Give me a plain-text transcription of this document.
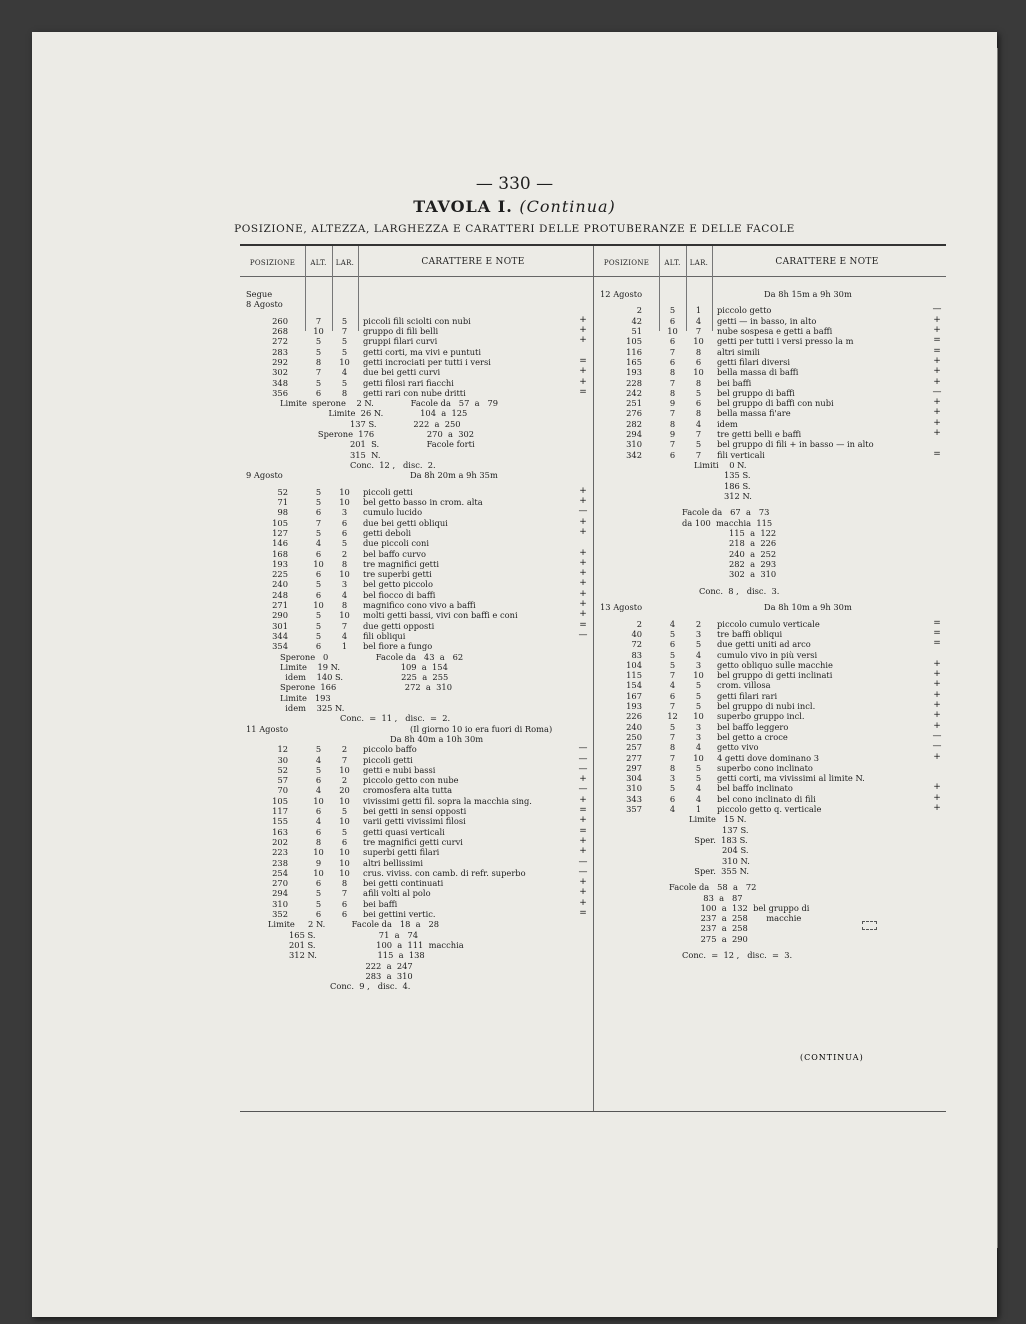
— 330 —
TAVOLA I. (Continua)
POSIZIONE, ALTEZZA, LARGHEZZA E CARATTERI DELLE PROTUBERANZE E DELLE FACOLE
POSIZIONE	ALT.	LAR.	CARATTERE E NOTE
Segue
8 Agosto
260	7	5	piccoli fili sciolti con nubi	+
268	10	7	gruppo di fili belli	+
272	5	5	gruppi filari curvi	+
283	5	5	getti corti, ma vivi e puntuti
292	8	10 getti incrociati per tutti i versi	=
302	7	4	due bei getti curvi	+
348	5	5	getti filosi rari fiacchi	+
356	6	8	getti rari con nube dritti	=
Limite  sperone    2 N.              Facole da   57  a   79
Limite  26 N.              104  a  125
137 S.              222  a  250
Sperone  176                    270  a  302
201  S.                  Facole forti
315  N.
Conc.  12 ,   disc.  2.
9 Agosto	Da 8h 20m a 9h 35m
52	5	10 piccoli getti	+
71	5	10 bel getto basso in crom. alta	+
98	6	3	cumulo lucido	—
105	7	6	due bei getti obliqui	+
127	5	6	getti deboli	+
146	4	5	due piccoli coni
168	6	2	bel baffo curvo	+
193	10	8	tre magnifici getti	+
225	6	10 tre superbi getti	+
240	5	3	bel getto piccolo	+
248	6	4	bel fiocco di baffi	+
271	10	8	magnifico cono vivo a baffi	+
290	5	10 molti getti bassi, vivi con baffi e coni	+
301	5	7	due getti opposti	=
344	5	4	fili obliqui	—
354	6	1	bel fiore a fungo
Sperone   0                  Facole da   43  a   62
Limite    19 N.                       109  a  154
idem    140 S.                      225  a  255
Sperone  166                          272  a  310
Limite   193
idem    325 N.
Conc.  =  11 ,   disc.  =  2.
11 Agosto	(Il giorno 10 io era fuori di Roma)
Da 8h 40m a 10h 30m
12	5	2	piccolo baffo	—
30	4	7	piccoli getti	—
52	5	10 getti e nubi bassi	—
57	6	2	piccolo getto con nube	+
70	4	20 cromosfera alta tutta	—
105	10 10 vivissimi getti fil. sopra la macchia sing.	+
117	6	5	bei getti in sensi opposti	=
155	4	10 varii getti vivissimi filosi	+
163	6	5	getti quasi verticali	=
202	8	6	tre magnifici getti curvi	+
223	10 10 superbi getti filari	+
238	9	10 altri bellissimi	—
254	10 10 crus. viviss. con camb. di refr. superbo	—
270	6	8	bei getti continuati	+
294	5	7	afili volti al polo	+
310	5	6	bei baffi	+
352	6	6	bei gettini vertic.	=
Limite     2 N.          Facole da   18  a   28
165 S.                        71  a   74
201 S.                       100  a  111  macchia
312 N.                       115  a  138
222  a  247
283  a  310
Conc.  9 ,   disc.  4.
POSIZIONE	ALT.	LAR.	CARATTERE E NOTE
12 Agosto	Da 8h 15m a 9h 30m
2	5	1	piccolo getto	—
42	6	4	getti — in basso, in alto	+
51	10	7	nube sospesa e getti a baffi	+
105	6	10 getti per tutti i versi presso la m	=
116	7	8	altri simili	=
165	6	6	getti filari diversi	+
193	8	10 bella massa di baffi	+
228	7	8	bei baffi	+
242	8	5	bel gruppo di baffi	—
251	9	6	bel gruppo di baffi con nubi	+
276	7	8	bella massa fi'are	+
282	8	4	idem	+
294	9	7	tre getti belli e baffi	+
310	7	5	bel gruppo di fili + in basso — in alto
342	6	7	fili verticali	=
Limiti    0 N.
135 S.
186 S.
312 N.
Facole da   67  a   73
da 100  macchia  115
115  a  122
218  a  226
240  a  252
282  a  293
302  a  310
Conc.  8 ,   disc.  3.
13 Agosto	Da 8h 10m a 9h 30m
2	4	2	piccolo cumulo verticale	=
40	5	3	tre baffi obliqui	=
72	6	5	due getti uniti ad arco	=
83	5	4	cumulo vivo in più versi
104	5	3	getto obliquo sulle macchie	+
115	7	10 bel gruppo di getti inclinati	+
154	4	5	crom. villosa	+
167	6	5	getti filari rari	+
193	7	5	bel gruppo di nubi incl.	+
226	12 10 superbo gruppo incl.	+
240	5	3	bel baffo leggero	+
250	7	3	bel getto a croce	—
257	8	4	getto vivo	—
277	7	10 4 getti dove dominano 3	+
297	8	5	superbo cono inclinato
304	3	5	getti corti, ma vivissimi al limite N.
310	5	4	bel baffo inclinato	+
343	6	4	bel cono inclinato di fili	+
357	4	1	piccolo getto q. verticale	+
Limite   15 N.
137 S.
Sper.  183 S.
204 S.
310 N.
Sper.  355 N.
Facole da   58  a   72
83  a   87
100  a  132  bel gruppo di
237  a  258       macchie
237  a  258
275  a  290
Conc.  =  12 ,   disc.  =  3.
(CONTINUA)
